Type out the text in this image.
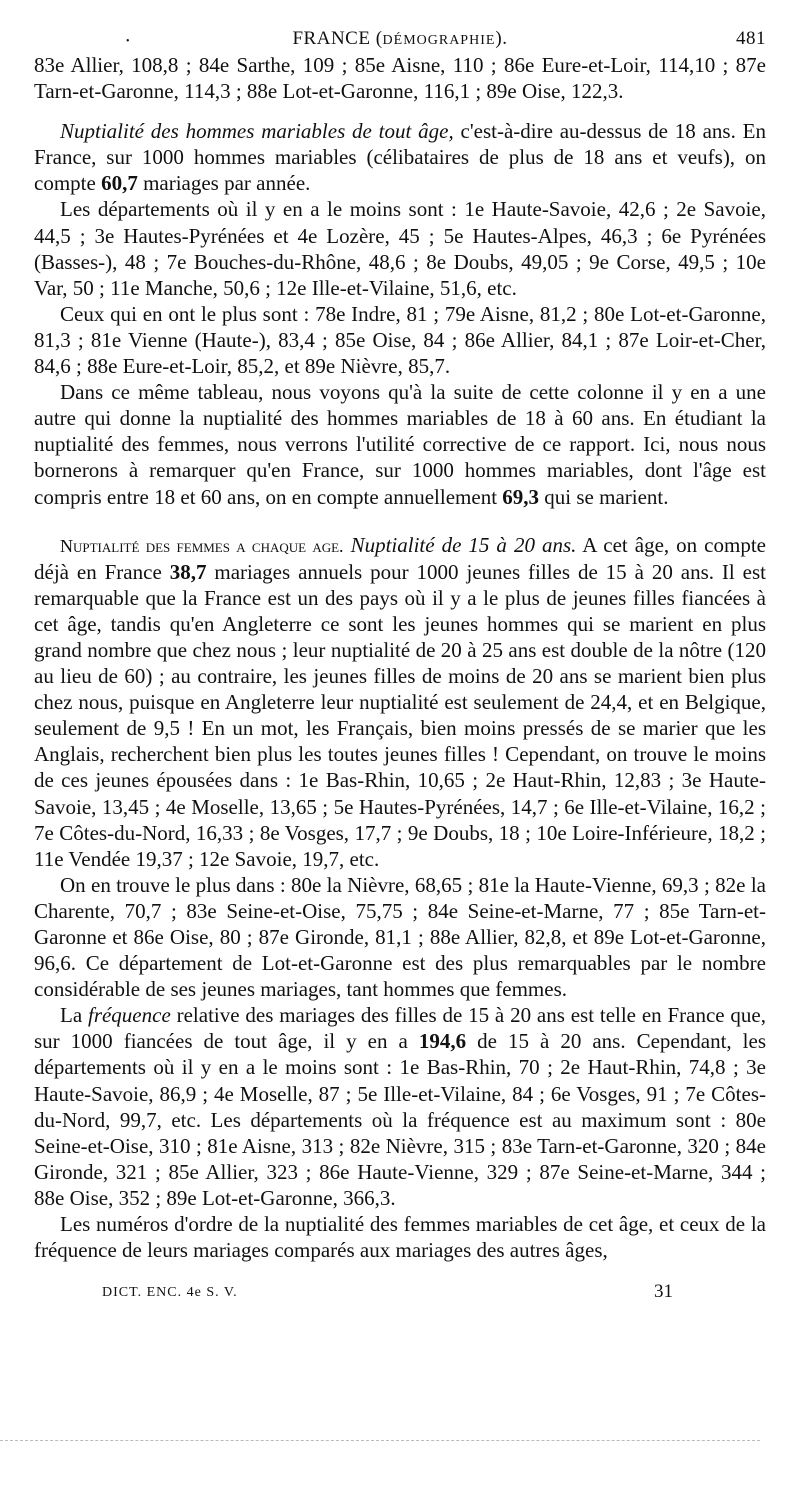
•	FRANCE (DÉMOGRAPHIE).	481

83e Allier, 108,8 ; 84e Sarthe, 109 ; 85e Aisne, 110 ; 86e Eure-et-Loir, 114,10 ; 87e Tarn-et-Garonne, 114,3 ; 88e Lot-et-Garonne, 116,1 ; 89e Oise, 122,3.

Nuptialité des hommes mariables de tout âge, c'est-à-dire au-dessus de 18 ans. En France, sur 1000 hommes mariables (célibataires de plus de 18 ans et veufs), on compte 60,7 mariages par année.

Les départements où il y en a le moins sont : 1e Haute-Savoie, 42,6 ; 2e Savoie, 44,5 ; 3e Hautes-Pyrénées et 4e Lozère, 45 ; 5e Hautes-Alpes, 46,3 ; 6e Pyrénées (Basses-), 48 ; 7e Bouches-du-Rhône, 48,6 ; 8e Doubs, 49,05 ; 9e Corse, 49,5 ; 10e Var, 50 ; 11e Manche, 50,6 ; 12e Ille-et-Vilaine, 51,6, etc.

Ceux qui en ont le plus sont : 78e Indre, 81 ; 79e Aisne, 81,2 ; 80e Lot-et-Garonne, 81,3 ; 81e Vienne (Haute-), 83,4 ; 85e Oise, 84 ; 86e Allier, 84,1 ; 87e Loir-et-Cher, 84,6 ; 88e Eure-et-Loir, 85,2, et 89e Nièvre, 85,7.

Dans ce même tableau, nous voyons qu'à la suite de cette colonne il y en a une autre qui donne la nuptialité des hommes mariables de 18 à 60 ans. En étudiant la nuptialité des femmes, nous verrons l'utilité corrective de ce rapport. Ici, nous nous bornerons à remarquer qu'en France, sur 1000 hommes mariables, dont l'âge est compris entre 18 et 60 ans, on en compte annuellement 69,3 qui se marient.

Nuptialité des femmes a chaque age. Nuptialité de 15 à 20 ans. A cet âge, on compte déjà en France 38,7 mariages annuels pour 1000 jeunes filles de 15 à 20 ans. Il est remarquable que la France est un des pays où il y a le plus de jeunes filles fiancées à cet âge, tandis qu'en Angleterre ce sont les jeunes hommes qui se marient en plus grand nombre que chez nous ; leur nuptialité de 20 à 25 ans est double de la nôtre (120 au lieu de 60) ; au contraire, les jeunes filles de moins de 20 ans se marient bien plus chez nous, puisque en Angleterre leur nuptialité est seulement de 24,4, et en Belgique, seulement de 9,5 ! En un mot, les Français, bien moins pressés de se marier que les Anglais, recherchent bien plus les toutes jeunes filles ! Cependant, on trouve le moins de ces jeunes épousées dans : 1e Bas-Rhin, 10,65 ; 2e Haut-Rhin, 12,83 ; 3e Haute-Savoie, 13,45 ; 4e Moselle, 13,65 ; 5e Hautes-Pyrénées, 14,7 ; 6e Ille-et-Vilaine, 16,2 ; 7e Côtes-du-Nord, 16,33 ; 8e Vosges, 17,7 ; 9e Doubs, 18 ; 10e Loire-Inférieure, 18,2 ; 11e Vendée 19,37 ; 12e Savoie, 19,7, etc.

On en trouve le plus dans : 80e la Nièvre, 68,65 ; 81e la Haute-Vienne, 69,3 ; 82e la Charente, 70,7 ; 83e Seine-et-Oise, 75,75 ; 84e Seine-et-Marne, 77 ; 85e Tarn-et-Garonne et 86e Oise, 80 ; 87e Gironde, 81,1 ; 88e Allier, 82,8, et 89e Lot-et-Garonne, 96,6. Ce département de Lot-et-Garonne est des plus remarquables par le nombre considérable de ses jeunes mariages, tant hommes que femmes.

La fréquence relative des mariages des filles de 15 à 20 ans est telle en France que, sur 1000 fiancées de tout âge, il y en a 194,6 de 15 à 20 ans. Cependant, les départements où il y en a le moins sont : 1e Bas-Rhin, 70 ; 2e Haut-Rhin, 74,8 ; 3e Haute-Savoie, 86,9 ; 4e Moselle, 87 ; 5e Ille-et-Vilaine, 84 ; 6e Vosges, 91 ; 7e Côtes-du-Nord, 99,7, etc. Les départements où la fréquence est au maximum sont : 80e Seine-et-Oise, 310 ; 81e Aisne, 313 ; 82e Nièvre, 315 ; 83e Tarn-et-Garonne, 320 ; 84e Gironde, 321 ; 85e Allier, 323 ; 86e Haute-Vienne, 329 ; 87e Seine-et-Marne, 344 ; 88e Oise, 352 ; 89e Lot-et-Garonne, 366,3.

Les numéros d'ordre de la nuptialité des femmes mariables de cet âge, et ceux de la fréquence de leurs mariages comparés aux mariages des autres âges,

DICT. ENC. 4e S. V.	31
